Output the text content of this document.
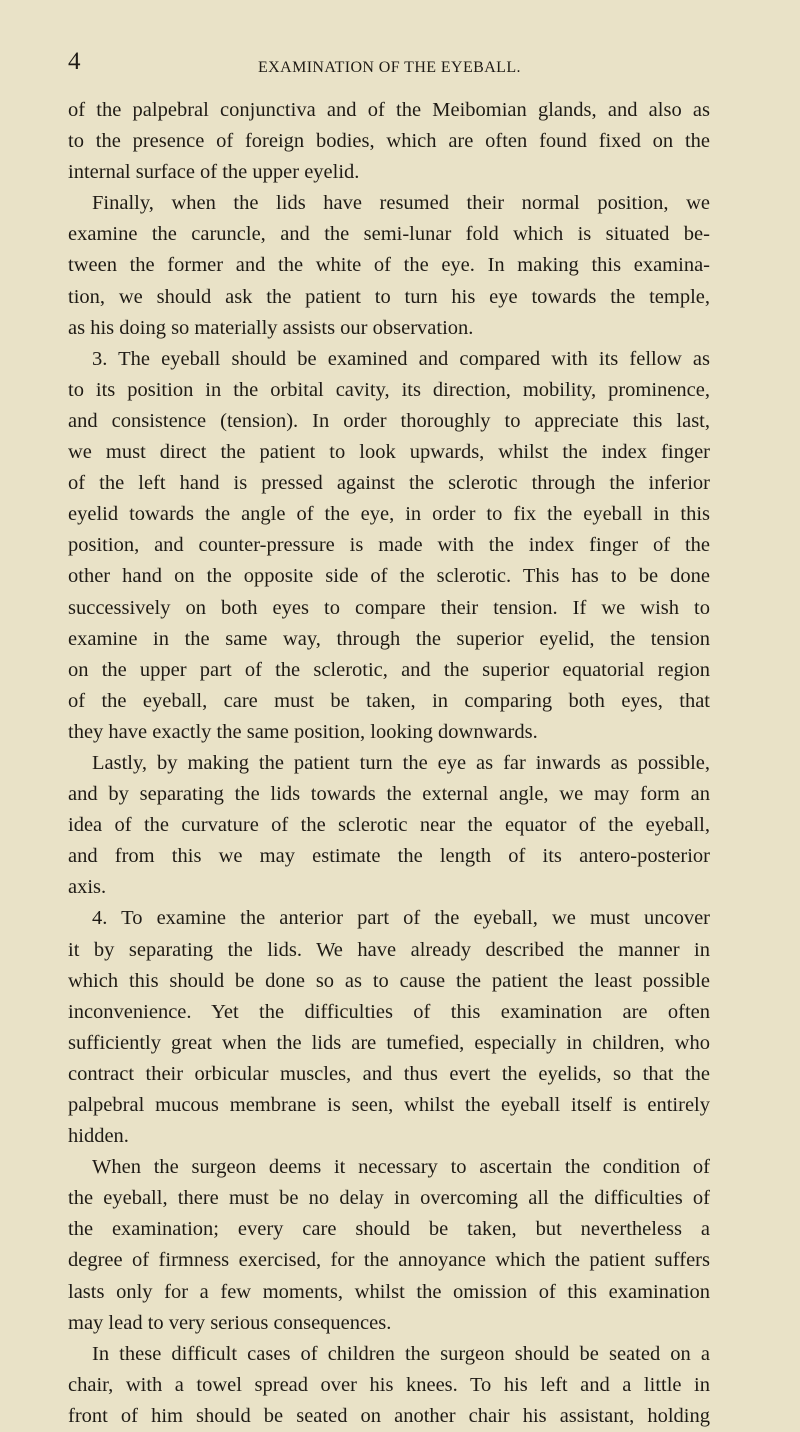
4	EXAMINATION OF THE EYEBALL.
of the palpebral conjunctiva and of the Meibomian glands, and also as
to the presence of foreign bodies, which are often found fixed on the
internal surface of the upper eyelid.
Finally, when the lids have resumed their normal position, we
examine the caruncle, and the semi-lunar fold which is situated be-
tween the former and the white of the eye. In making this examina-
tion, we should ask the patient to turn his eye towards the temple,
as his doing so materially assists our observation.
3. The eyeball should be examined and compared with its fellow as
to its position in the orbital cavity, its direction, mobility, prominence,
and consistence (tension). In order thoroughly to appreciate this last,
we must direct the patient to look upwards, whilst the index finger
of the left hand is pressed against the sclerotic through the inferior
eyelid towards the angle of the eye, in order to fix the eyeball in this
position, and counter-pressure is made with the index finger of the
other hand on the opposite side of the sclerotic. This has to be done
successively on both eyes to compare their tension. If we wish to
examine in the same way, through the superior eyelid, the tension
on the upper part of the sclerotic, and the superior equatorial region
of the eyeball, care must be taken, in comparing both eyes, that
they have exactly the same position, looking downwards.
Lastly, by making the patient turn the eye as far inwards as possible,
and by separating the lids towards the external angle, we may form an
idea of the curvature of the sclerotic near the equator of the eyeball,
and from this we may estimate the length of its antero-posterior
axis.
4. To examine the anterior part of the eyeball, we must uncover
it by separating the lids. We have already described the manner in
which this should be done so as to cause the patient the least possible
inconvenience. Yet the difficulties of this examination are often
sufficiently great when the lids are tumefied, especially in children, who
contract their orbicular muscles, and thus evert the eyelids, so that the
palpebral mucous membrane is seen, whilst the eyeball itself is entirely
hidden.
When the surgeon deems it necessary to ascertain the condition of
the eyeball, there must be no delay in overcoming all the difficulties of
the examination; every care should be taken, but nevertheless a
degree of firmness exercised, for the annoyance which the patient suffers
lasts only for a few moments, whilst the omission of this examination
may lead to very serious consequences.
In these difficult cases of children the surgeon should be seated on a
chair, with a towel spread over his knees. To his left and a little in
front of him should be seated on another chair his assistant, holding
